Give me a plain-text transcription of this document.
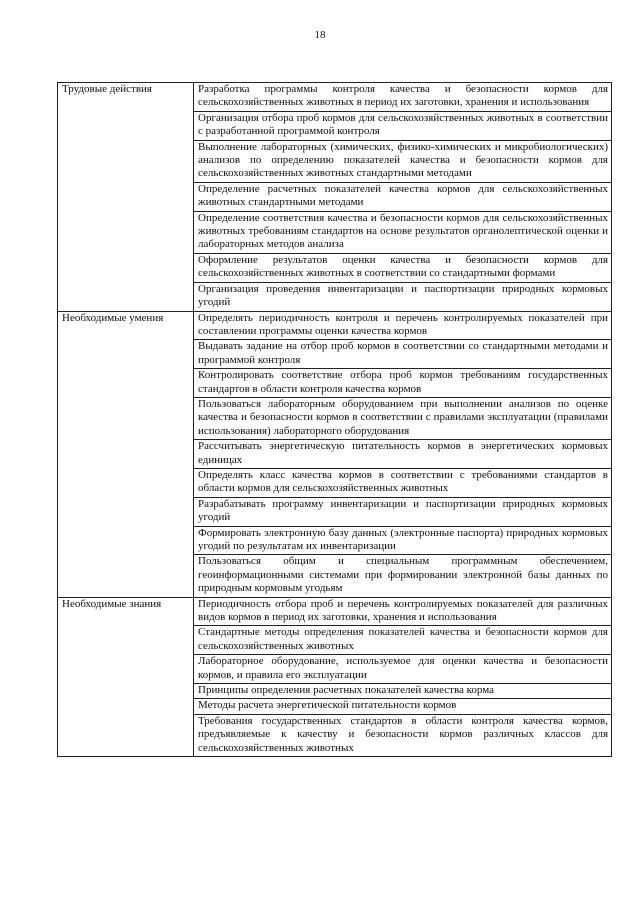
18
Трудовые действия	Разработка программы контроля качества и безопасности кормов для сельскохозяйственных животных в период их заготовки, хранения и использования
	Организация отбора проб кормов для сельскохозяйственных животных в соответствии с разработанной программой контроля
	Выполнение лабораторных (химических, физико-химических и микробиологических) анализов по определению показателей качества и безопасности кормов для сельскохозяйственных животных стандартными методами
	Определение расчетных показателей качества кормов для сельскохозяйственных животных стандартными методами
	Определение соответствия качества и безопасности кормов для сельскохозяйственных животных требованиям стандартов на основе результатов органолептической оценки и лабораторных методов анализа
	Оформление результатов оценки качества и безопасности кормов для сельскохозяйственных животных в соответствии со стандартными формами
	Организация проведения инвентаризации и паспортизации природных кормовых угодий
Необходимые умения	Определять периодичность контроля и перечень контролируемых показателей при составлении программы оценки качества кормов
	Выдавать задание на отбор проб кормов в соответствии со стандартными методами и программой контроля
	Контролировать соответствие отбора проб кормов требованиям государственных стандартов в области контроля качества кормов
	Пользоваться лабораторным оборудованием при выполнении анализов по оценке качества и безопасности кормов в соответствии с правилами эксплуатации (правилами использования) лабораторного оборудования
	Рассчитывать энергетическую питательность кормов в энергетических кормовых единицах
	Определять класс качества кормов в соответствии с требованиями стандартов в области кормов для сельскохозяйственных животных
	Разрабатывать программу инвентаризации и паспортизации природных кормовых угодий
	Формировать электронную базу данных (электронные паспорта) природных кормовых угодий по результатам их инвентаризации
	Пользоваться общим и специальным программным обеспечением, геоинформационными системами при формировании электронной базы данных по природным кормовым угодьям
Необходимые знания	Периодичность отбора проб и перечень контролируемых показателей для различных видов кормов в период их заготовки, хранения и использования
	Стандартные методы определения показателей качества и безопасности кормов для сельскохозяйственных животных
	Лабораторное оборудование, используемое для оценки качества и безопасности кормов, и правила его эксплуатации
	Принципы определения расчетных показателей качества корма
	Методы расчета энергетической питательности кормов
	Требования государственных стандартов в области контроля качества кормов, предъявляемые к качеству и безопасности кормов различных классов для сельскохозяйственных животных
